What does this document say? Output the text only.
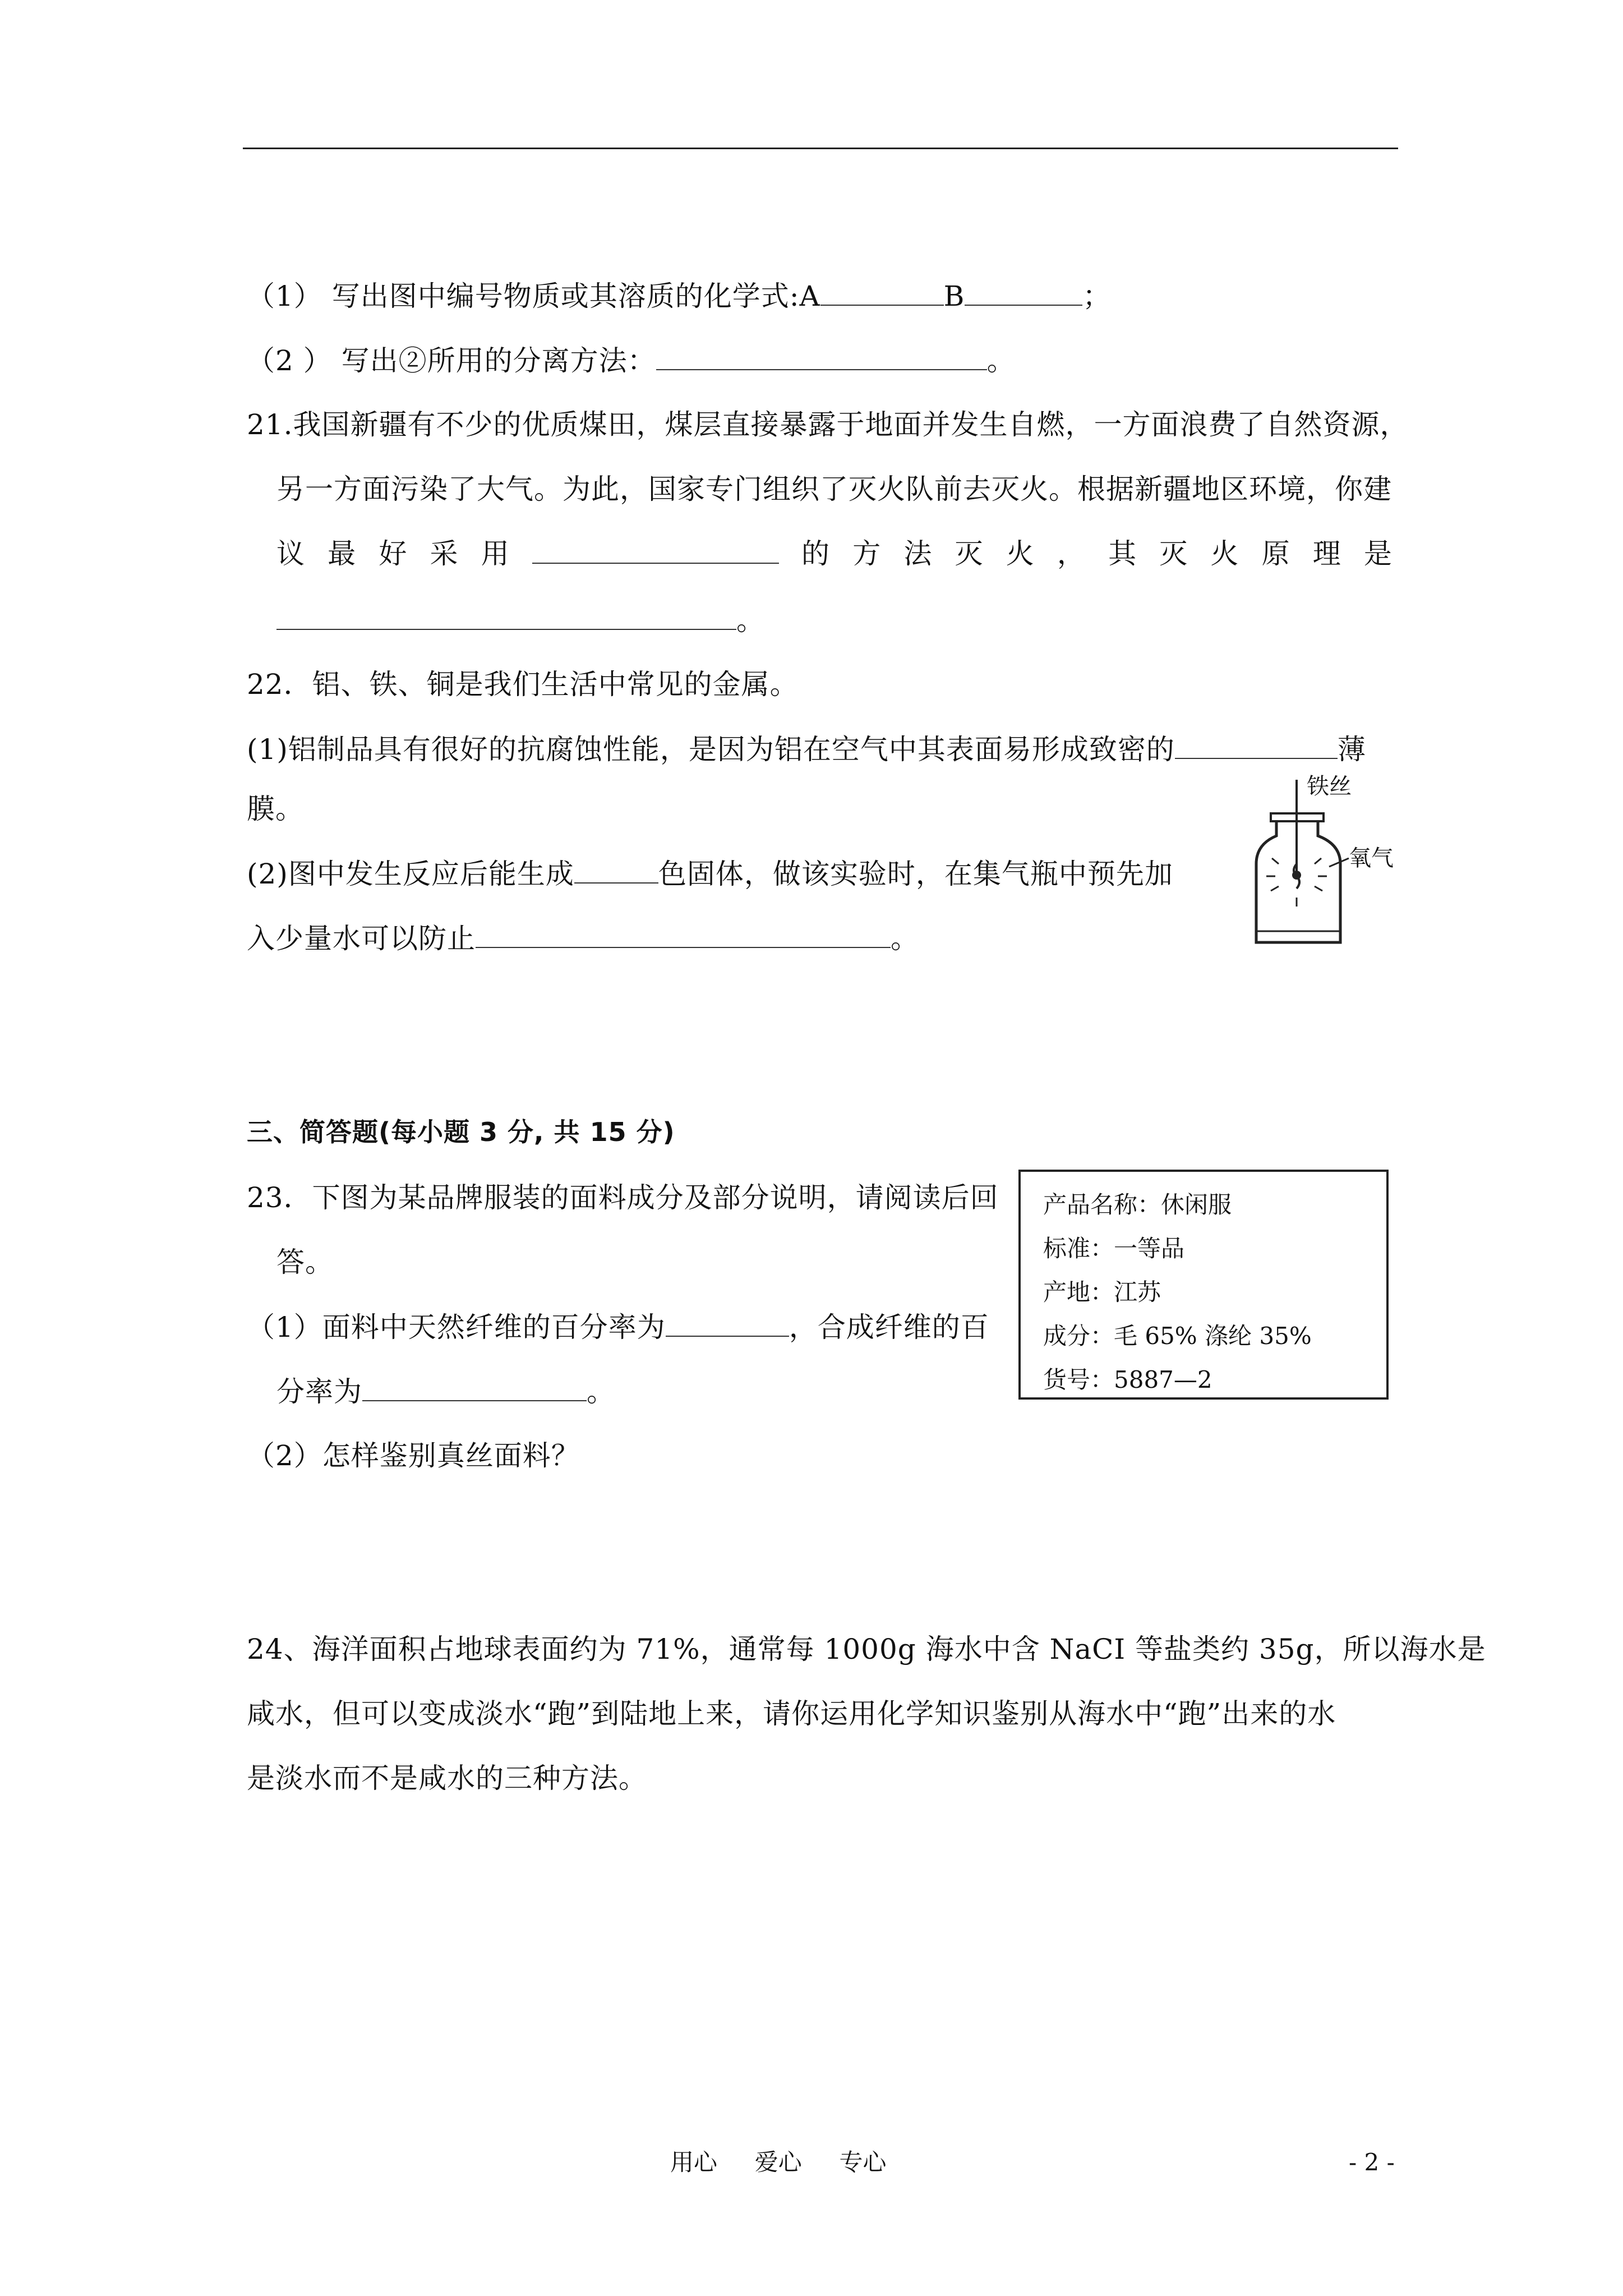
（1） 写出图中编号物质或其溶质的化学式:A	B	；
（2 ） 写出②所用的分离方法：	。
21.我国新疆有不少的优质煤田，煤层直接暴露于地面并发生自燃，一方面浪费了自然资源，
另一方面污染了大气。为此，国家专门组织了灭火队前去灭火。根据新疆地区环境，你建
议 最 好 采 用	的 方 法 灭 火 ， 其 灭 火 原 理 是
。
22．铝、铁、铜是我们生活中常见的金属。
(1)铝制品具有很好的抗腐蚀性能，是因为铝在空气中其表面易形成致密的	薄
膜。
(2)图中发生反应后能生成	色固体，做该实验时，在集气瓶中预先加
入少量水可以防止	。
铁丝
氧气
三、简答题(每小题 3 分, 共 15 分)
23．下图为某品牌服装的面料成分及部分说明，请阅读后回
答。
（1）面料中天然纤维的百分率为	，合成纤维的百
分率为	。
（2）怎样鉴别真丝面料？
产品名称：休闲服
标准：一等品
产地：江苏
成分：毛 65% 涤纶 35%
货号：5887—2
24、海洋面积占地球表面约为 71%，通常每 1000g 海水中含 NaCI 等盐类约 35g，所以海水是
咸水，但可以变成淡水“跑”到陆地上来，请你运用化学知识鉴别从海水中“跑”出来的水
是淡水而不是咸水的三种方法。
用心     爱心     专心	- 2 -
